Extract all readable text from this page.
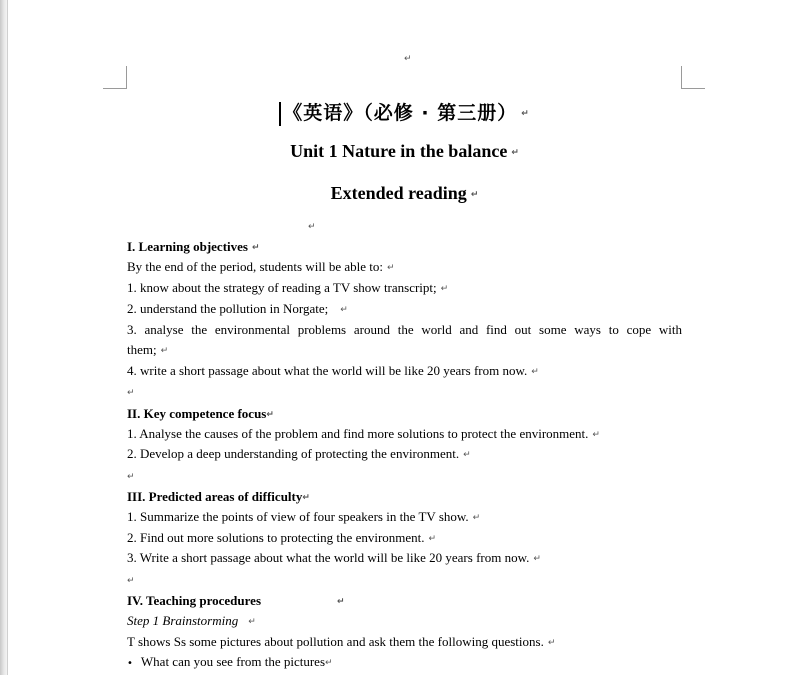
↵
《英语》（必修 · 第三册） ↵
Unit 1 Nature in the balance ↵
Extended reading ↵
↵
I. Learning objectives ↵
By the end of the period, students will be able to: ↵
1. know about the strategy of reading a TV show transcript; ↵
2. understand the pollution in Norgate; ↵
3. analyse the environmental problems around the world and find out some ways to cope with
them; ↵
4. write a short passage about what the world will be like 20 years from now. ↵
↵
II. Key competence focus↵
1. Analyse the causes of the problem and find more solutions to protect the environment. ↵
2. Develop a deep understanding of protecting the environment. ↵
↵
III. Predicted areas of difficulty↵
1. Summarize the points of view of four speakers in the TV show. ↵
2. Find out more solutions to protecting the environment. ↵
3. Write a short passage about what the world will be like 20 years from now. ↵
↵
IV. Teaching procedures	↵
Step 1 Brainstorming ↵
T shows Ss some pictures about pollution and ask them the following questions. ↵
• What can you see from the pictures↵
